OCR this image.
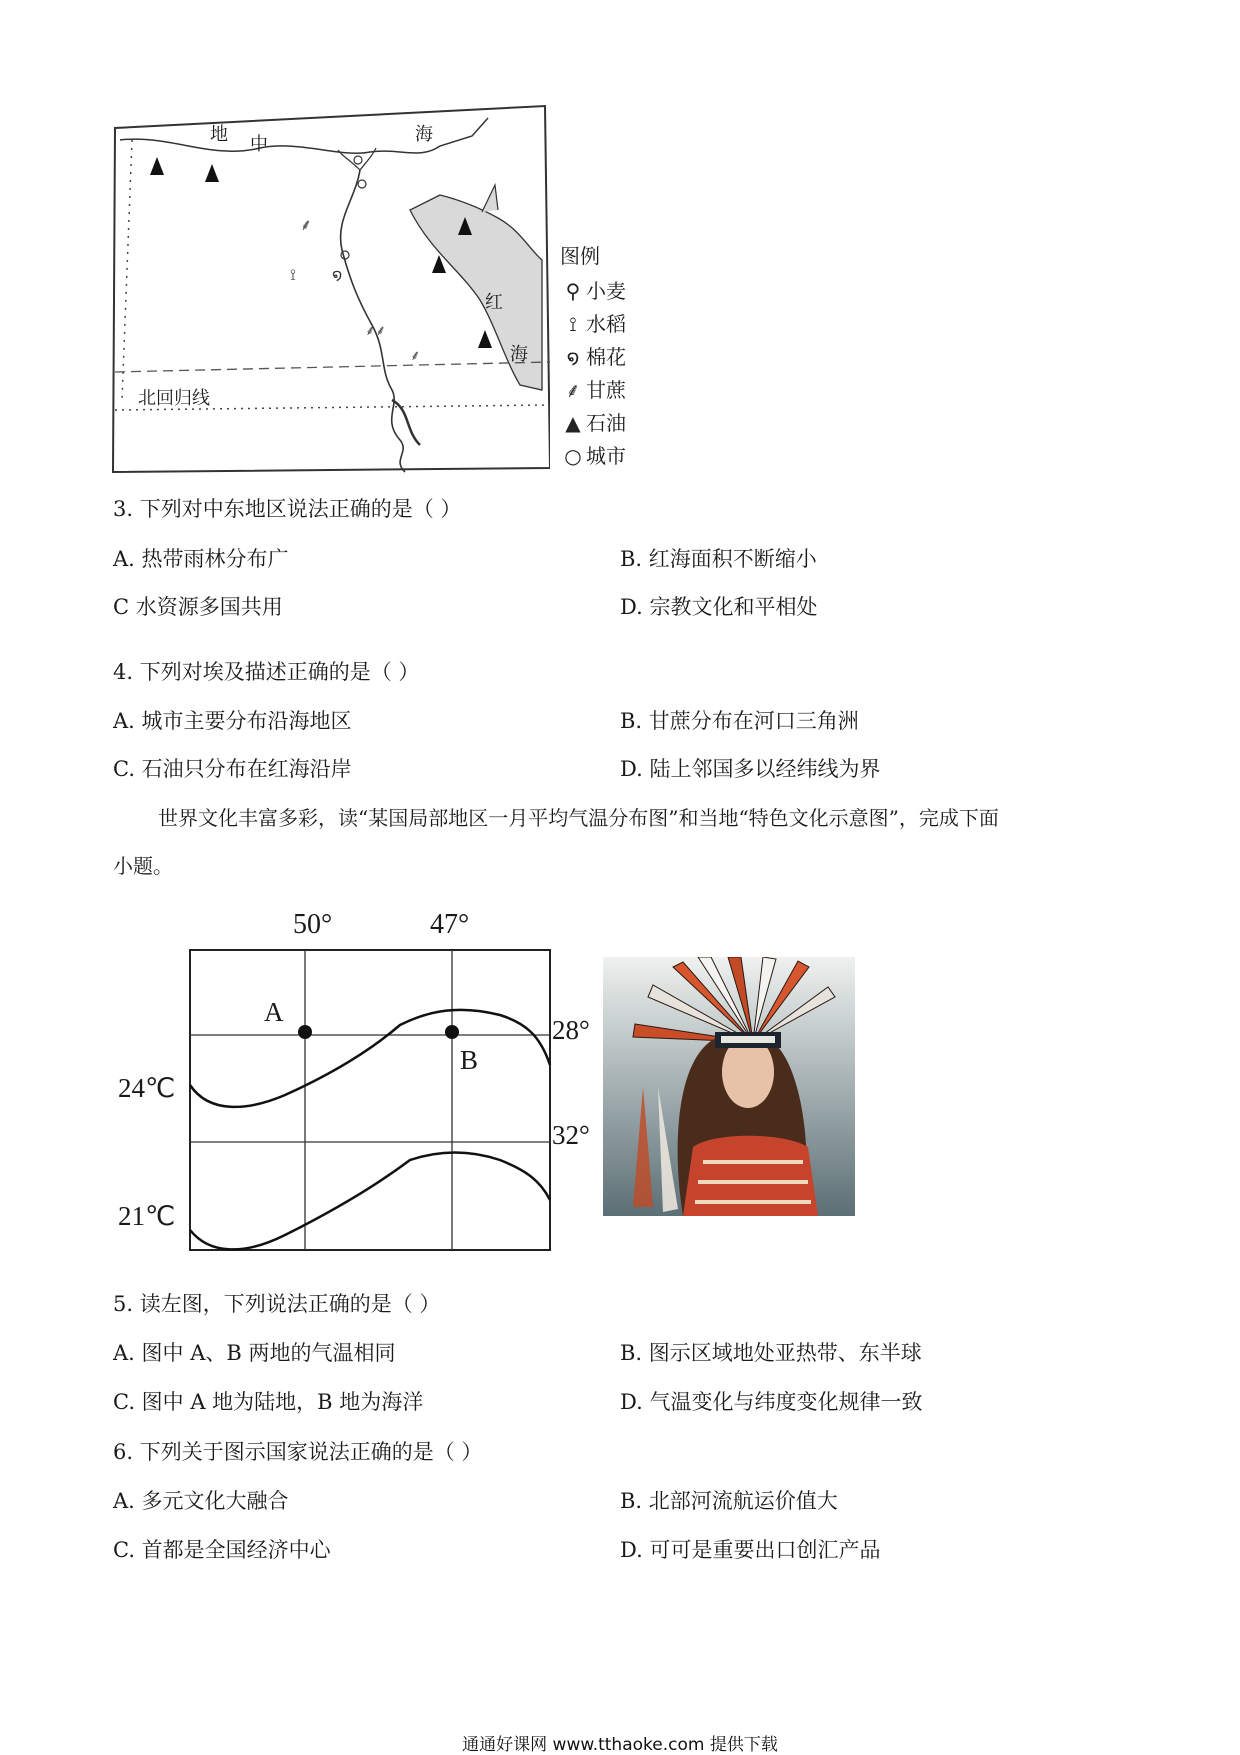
⸙
໑
⟟
⸙⸙
⸙
地 中	海
红
海
北回归线
图例
⚲ 小麦
⟟ 水稻
໑ 棉花
⸙ 甘蔗
▲ 石油
○ 城市
3. 下列对中东地区说法正确的是（ ）
A. 热带雨林分布广	B. 红海面积不断缩小
C 水资源多国共用	D. 宗教文化和平相处
4. 下列对埃及描述正确的是（ ）
A. 城市主要分布沿海地区	B. 甘蔗分布在河口三角洲
C. 石油只分布在红海沿岸	D. 陆上邻国多以经纬线为界
世界文化丰富多彩，读“某国局部地区一月平均气温分布图”和当地“特色文化示意图”，完成下面
小题。
50°	47°
28°
32°
24℃
21℃
A
B
5. 读左图，下列说法正确的是（ ）
A. 图中 A、B 两地的气温相同	B. 图示区域地处亚热带、东半球
C. 图中 A 地为陆地，B 地为海洋	D. 气温变化与纬度变化规律一致
6. 下列关于图示国家说法正确的是（ ）
A. 多元文化大融合	B. 北部河流航运价值大
C. 首都是全国经济中心	D. 可可是重要出口创汇产品
通通好课网 www.tthaoke.com 提供下载
